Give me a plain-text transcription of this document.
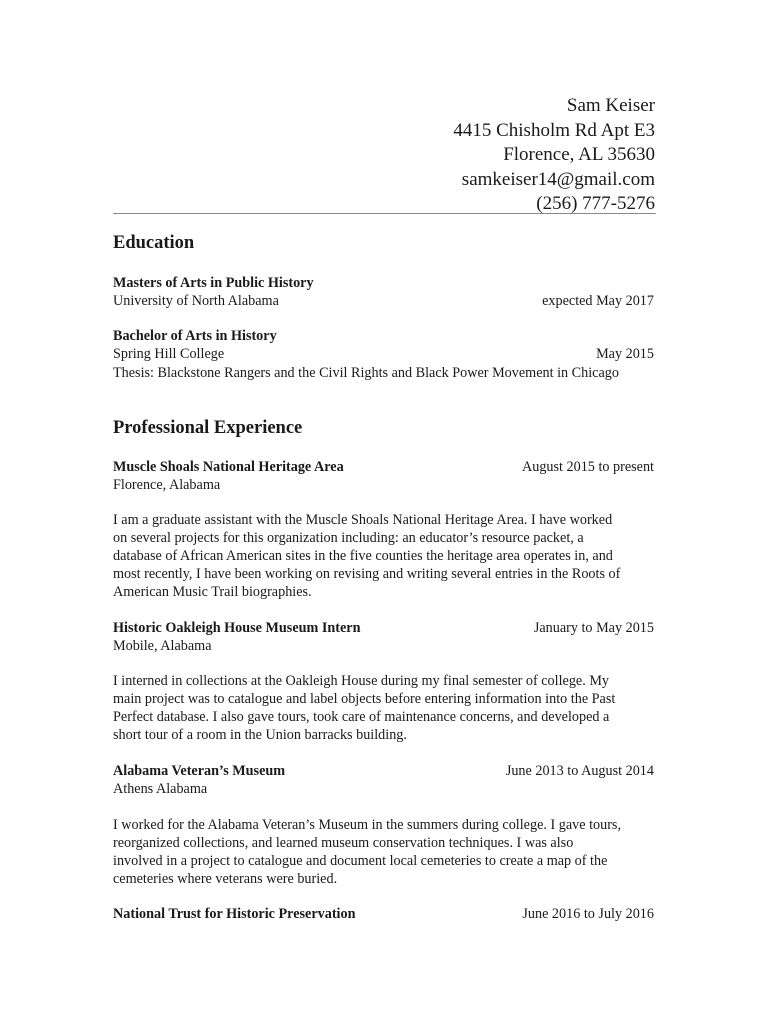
Sam Keiser
4415 Chisholm Rd Apt E3
Florence, AL 35630
samkeiser14@gmail.com
(256) 777-5276
Education
Masters of Arts in Public History
University of North Alabama	expected May 2017
Bachelor of Arts in History
Spring Hill College	May 2015
Thesis: Blackstone Rangers and the Civil Rights and Black Power Movement in Chicago
Professional Experience
Muscle Shoals National Heritage Area	August 2015 to present
Florence, Alabama
I am a graduate assistant with the Muscle Shoals National Heritage Area. I have worked
on several projects for this organization including: an educator’s resource packet, a
database of African American sites in the five counties the heritage area operates in, and
most recently, I have been working on revising and writing several entries in the Roots of
American Music Trail biographies.
Historic Oakleigh House Museum Intern	January to May 2015
Mobile, Alabama
I interned in collections at the Oakleigh House during my final semester of college. My
main project was to catalogue and label objects before entering information into the Past
Perfect database. I also gave tours, took care of maintenance concerns, and developed a
short tour of a room in the Union barracks building.
Alabama Veteran’s Museum	June 2013 to August 2014
Athens Alabama
I worked for the Alabama Veteran’s Museum in the summers during college. I gave tours,
reorganized collections, and learned museum conservation techniques. I was also
involved in a project to catalogue and document local cemeteries to create a map of the
cemeteries where veterans were buried.
National Trust for Historic Preservation	June 2016 to July 2016
